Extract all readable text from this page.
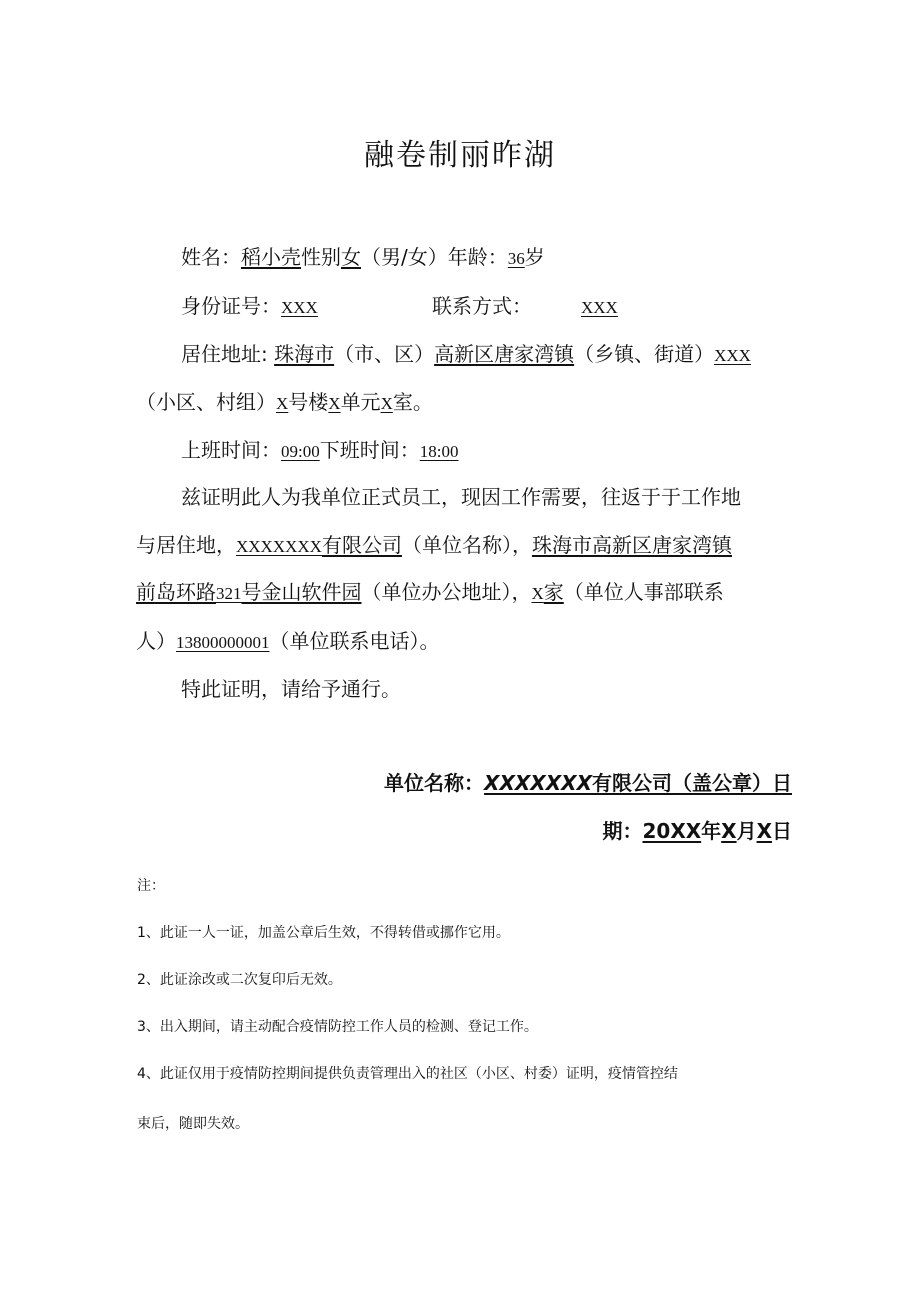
融卷制丽昨湖
姓名：稻小壳性别女（男/女）年龄：36岁
身份证号：XXX	联系方式：	XXX
居住地址: 珠海市（市、区）高新区唐家湾镇（乡镇、街道）XXX
（小区、村组）X号楼X单元X室。
上班时间：09:00下班时间：18:00
兹证明此人为我单位正式员工，现因工作需要，往返于于工作地
与居住地，XXXXXXX有限公司（单位名称），珠海市高新区唐家湾镇
前岛环路321号金山软件园（单位办公地址），X家（单位人事部联系
人）13800000001（单位联系电话）。
特此证明，请给予通行。
单位名称：XXXXXXX有限公司（盖公章）日
期：20XX年X月X日
注：
1、此证一人一证，加盖公章后生效，不得转借或挪作它用。
2、此证涂改或二次复印后无效。
3、出入期间，请主动配合疫情防控工作人员的检测、登记工作。
4、此证仅用于疫情防控期间提供负责管理出入的社区（小区、村委）证明，疫情管控结
束后，随即失效。
